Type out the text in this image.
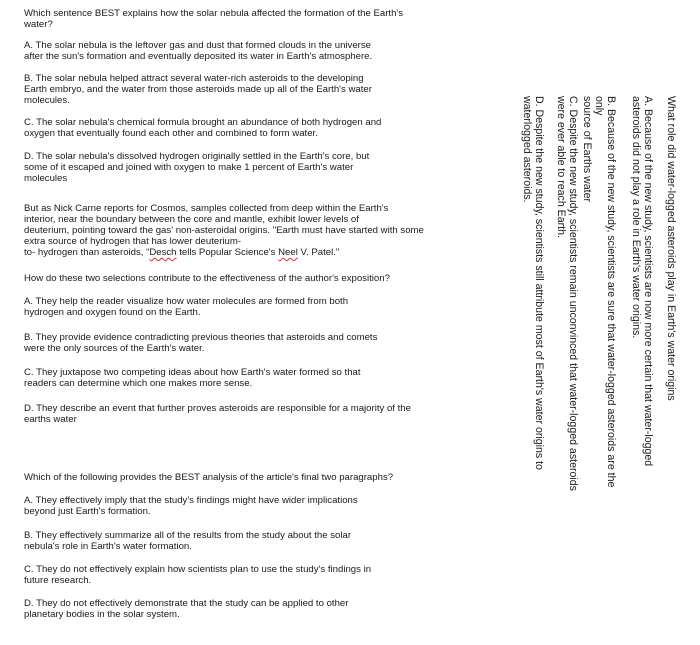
Which sentence BEST explains how the solar nebula affected the formation of the Earth's
water?
A. The solar nebula is the leftover gas and dust that formed clouds in the universe
after the sun's formation and eventually deposited its water in Earth's atmosphere.
B. The solar nebula helped attract several water-rich asteroids to the developing
Earth embryo, and the water from those asteroids made up all of the Earth's water
molecules.
C. The solar nebula's chemical formula brought an abundance of both hydrogen and
oxygen that eventually found each other and combined to form water.
D. The solar nebula's dissolved hydrogen originally settled in the Earth's core, but
some of it escaped and joined with oxygen to make 1 percent of Earth's water
molecules
But as Nick Carne reports for Cosmos, samples collected from deep within the Earth's
interior, near the boundary between the core and mantle, exhibit lower levels of
deuterium, pointing toward the gas' non-asteroidal origins. "Earth must have started with some
extra source of hydrogen that has lower deuterium-
to- hydrogen than asteroids, “Desch tells Popular Science's Neel V. Patel."
How do these two selections contribute to the effectiveness of the author's exposition?
A. They help the reader visualize how water molecules are formed from both
hydrogen and oxygen found on the Earth.
B. They provide evidence contradicting previous theories that asteroids and comets
were the only sources of the Earth's water.
C. They juxtapose two competing ideas about how Earth's water formed so that
readers can determine which one makes more sense.
D. They describe an event that further proves asteroids are responsible for a majority of the
earths water
Which of the following provides the BEST analysis of the article's final two paragraphs?
A. They effectively imply that the study's findings might have wider implications
beyond just Earth's formation.
B. They effectively summarize all of the results from the study about the solar
nebula's role in Earth's water formation.
C. They do not effectively explain how scientists plan to use the study's findings in
future research.
D. They do not effectively demonstrate that the study can be applied to other
planetary bodies in the solar system.
What role did water-logged asteroids play in Earth's water origins
A. Because of the new study, scientists are now more certain that water-logged
asteroids did not play a role in Earth's water origins.
B. Because of the new study, scientists are sure that water-logged asteroids are the only
source of Earths water
C. Despite the new study, scientists remain unconvinced that water-logged asteroids
were ever able to reach Earth.
D. Despite the new study, scientists still attribute most of Earth's water origins to
waterlogged asteroids.
